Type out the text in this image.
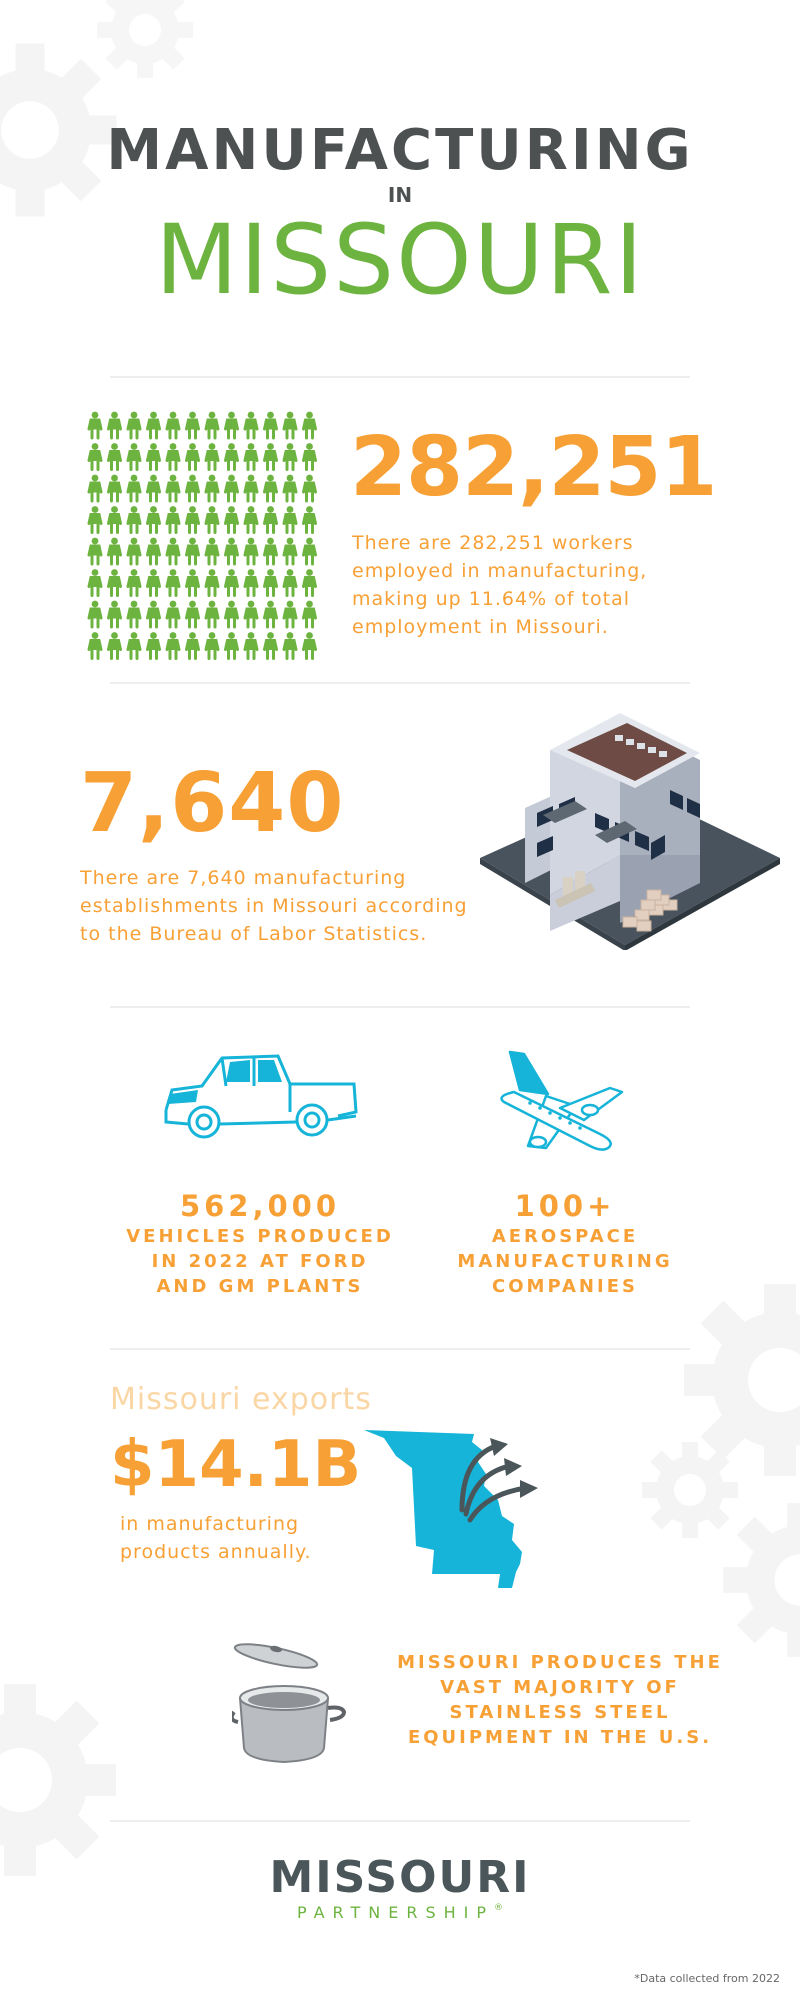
MANUFACTURING
IN
MISSOURI
282,251
There are 282,251 workers
employed in manufacturing,
making up 11.64% of total
employment in Missouri.
7,640
There are 7,640 manufacturing
establishments in Missouri according
to the Bureau of Labor Statistics.
562,000
VEHICLES PRODUCED
IN 2022 AT FORD
AND GM PLANTS
100+
AEROSPACE
MANUFACTURING
COMPANIES
Missouri exports
$14.1B
in manufacturing
products annually.
MISSOURI PRODUCES THE
VAST MAJORITY OF
STAINLESS STEEL
EQUIPMENT IN THE U.S.
MISSOURI
PARTNERSHIP®
*Data collected from 2022
